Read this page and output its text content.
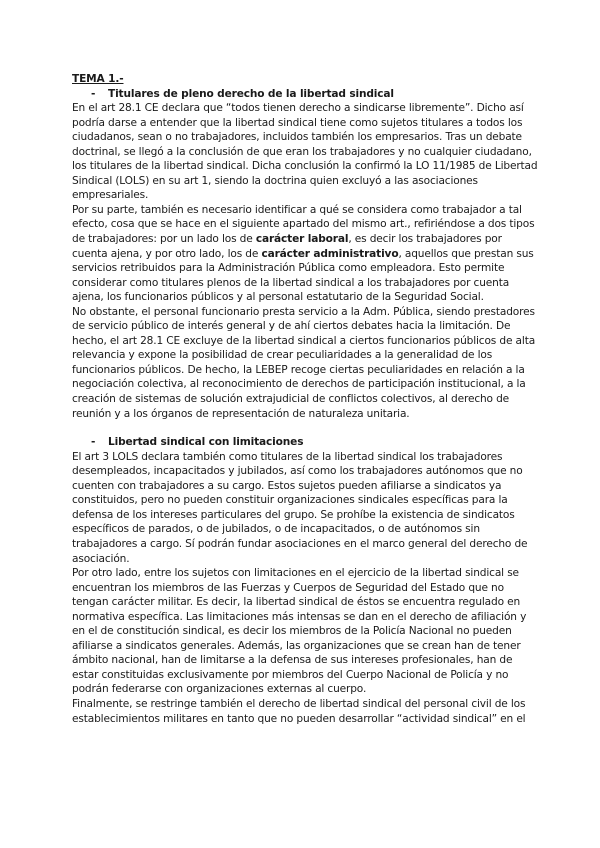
TEMA 1.-

-	Titulares de pleno derecho de la libertad sindical

En el art 28.1 CE declara que “todos tienen derecho a sindicarse libremente”. Dicho así podría darse a entender que la libertad sindical tiene como sujetos titulares a todos los ciudadanos, sean o no trabajadores, incluidos también los empresarios. Tras un debate doctrinal, se llegó a la conclusión de que eran los trabajadores y no cualquier ciudadano, los titulares de la libertad sindical. Dicha conclusión la confirmó la LO 11/1985 de Libertad Sindical (LOLS) en su art 1, siendo la doctrina quien excluyó a las asociaciones empresariales.

Por su parte, también es necesario identificar a qué se considera como trabajador a tal efecto, cosa que se hace en el siguiente apartado del mismo art., refiriéndose a dos tipos de trabajadores: por un lado los de carácter laboral, es decir los trabajadores por cuenta ajena, y por otro lado, los de carácter administrativo, aquellos que prestan sus servicios retribuidos para la Administración Pública como empleadora. Esto permite considerar como titulares plenos de la libertad sindical a los trabajadores por cuenta ajena, los funcionarios públicos y al personal estatutario de la Seguridad Social.

No obstante, el personal funcionario presta servicio a la Adm. Pública, siendo prestadores de servicio público de interés general y de ahí ciertos debates hacia la limitación. De hecho, el art 28.1 CE excluye de la libertad sindical a ciertos funcionarios públicos de alta relevancia y expone la posibilidad de crear peculiaridades a la generalidad de los funcionarios públicos. De hecho, la LEBEP recoge ciertas peculiaridades en relación a la negociación colectiva, al reconocimiento de derechos de participación institucional, a la creación de sistemas de solución extrajudicial de conflictos colectivos, al derecho de reunión y a los órganos de representación de naturaleza unitaria.

-	Libertad sindical con limitaciones

El art 3 LOLS declara también como titulares de la libertad sindical los trabajadores desempleados, incapacitados y jubilados, así como los trabajadores autónomos que no cuenten con trabajadores a su cargo. Estos sujetos pueden afiliarse a sindicatos ya constituidos, pero no pueden constituir organizaciones sindicales específicas para la defensa de los intereses particulares del grupo. Se prohíbe la existencia de sindicatos específicos de parados, o de jubilados, o de incapacitados, o de autónomos sin trabajadores a cargo. Sí podrán fundar asociaciones en el marco general del derecho de asociación.

Por otro lado, entre los sujetos con limitaciones en el ejercicio de la libertad sindical se encuentran los miembros de las Fuerzas y Cuerpos de Seguridad del Estado que no tengan carácter militar. Es decir, la libertad sindical de éstos se encuentra regulado en normativa específica. Las limitaciones más intensas se dan en el derecho de afiliación y en el de constitución sindical, es decir los miembros de la Policía Nacional no pueden afiliarse a sindicatos generales. Además, las organizaciones que se crean han de tener ámbito nacional, han de limitarse a la defensa de sus intereses profesionales, han de estar constituidas exclusivamente por miembros del Cuerpo Nacional de Policía y no podrán federarse con organizaciones externas al cuerpo.

Finalmente, se restringe también el derecho de libertad sindical del personal civil de los establecimientos militares en tanto que no pueden desarrollar “actividad sindical” en el
